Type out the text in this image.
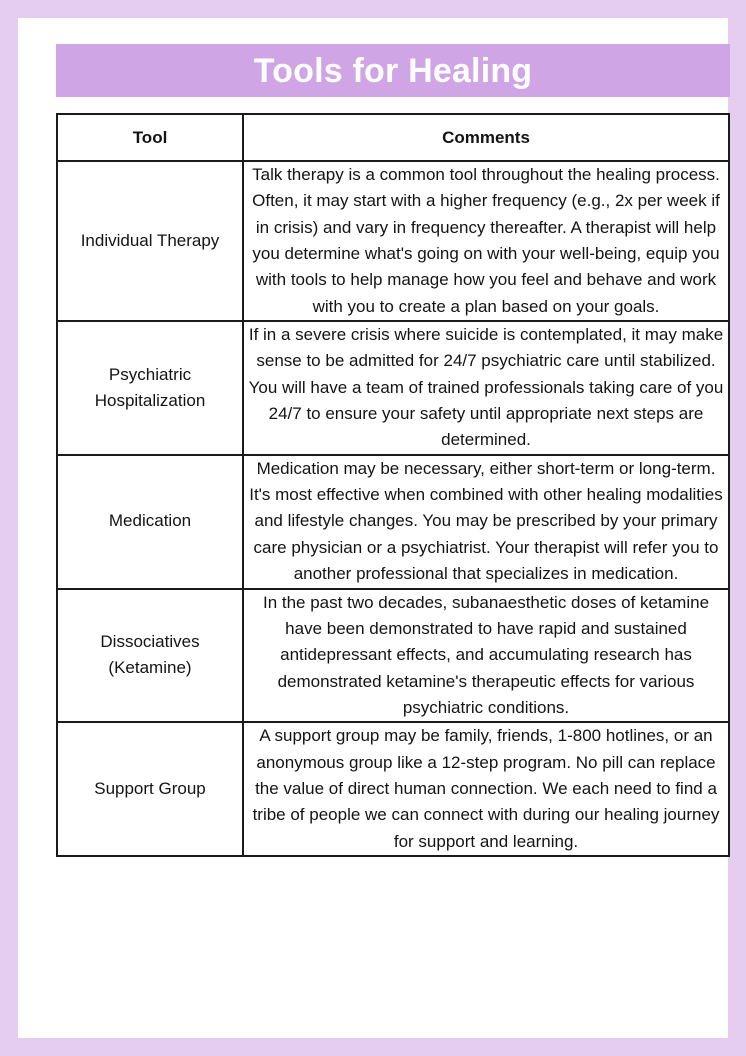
Tools for Healing
Tool	Comments
Individual Therapy	Talk therapy is a common tool throughout the healing process. Often, it may start with a higher frequency (e.g., 2x per week if in crisis) and vary in frequency thereafter. A therapist will help you determine what's going on with your well-being, equip you with tools to help manage how you feel and behave and work with you to create a plan based on your goals.
Psychiatric Hospitalization	If in a severe crisis where suicide is contemplated, it may make sense to be admitted for 24/7 psychiatric care until stabilized. You will have a team of trained professionals taking care of you 24/7 to ensure your safety until appropriate next steps are determined.
Medication	Medication may be necessary, either short-term or long-term. It's most effective when combined with other healing modalities and lifestyle changes. You may be prescribed by your primary care physician or a psychiatrist. Your therapist will refer you to another professional that specializes in medication.
Dissociatives (Ketamine)	In the past two decades, subanaesthetic doses of ketamine have been demonstrated to have rapid and sustained antidepressant effects, and accumulating research has demonstrated ketamine's therapeutic effects for various psychiatric conditions.
Support Group	A support group may be family, friends, 1-800 hotlines, or an anonymous group like a 12-step program. No pill can replace the value of direct human connection. We each need to find a tribe of people we can connect with during our healing journey for support and learning.
